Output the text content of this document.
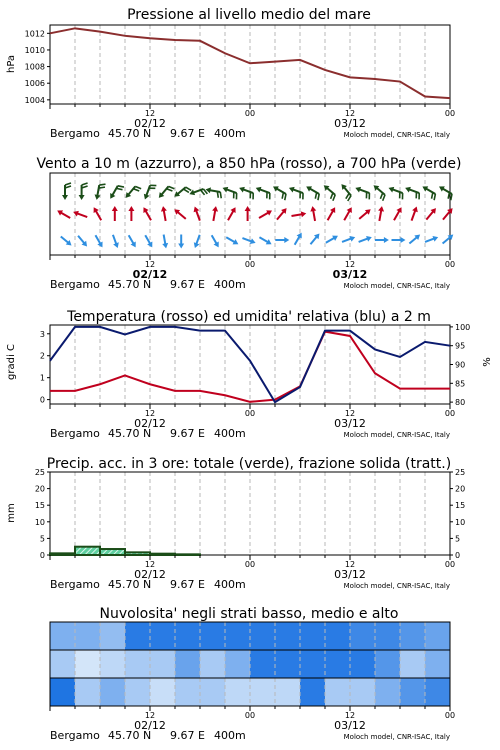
Pressione al livello medio del mare
Vento a 10 m (azzurro), a 850 hPa (rosso), a 700 hPa (verde)
Temperatura (rosso) ed umidita' relativa (blu) a 2 m
Precip. acc. in 3 ore: totale (verde), frazione solida (tratt.)
Nuvolosita' negli strati basso, medio e alto
hPa
gradi C	%
mm
1004
1006
1008
1010
1012
12	00	12	00
02/12	03/12
Bergamo 45.70 N 9.67 E 400m	Moloch model, CNR-ISAC, Italy
12	00	12	00
02/12	03/12
Bergamo 45.70 N 9.67 E 400m	Moloch model, CNR-ISAC, Italy
0
1
2
3
80
85
90
95
100
12	00	12	00
02/12	03/12
Bergamo 45.70 N 9.67 E 400m	Moloch model, CNR-ISAC, Italy
0	0
5	5
10	10
15	15
20	20
25	25
12	00	12	00
02/12	03/12
Bergamo 45.70 N 9.67 E 400m	Moloch model, CNR-ISAC, Italy
12	00	12	00
02/12	03/12
Bergamo 45.70 N 9.67 E 400m	Moloch model, CNR-ISAC, Italy
